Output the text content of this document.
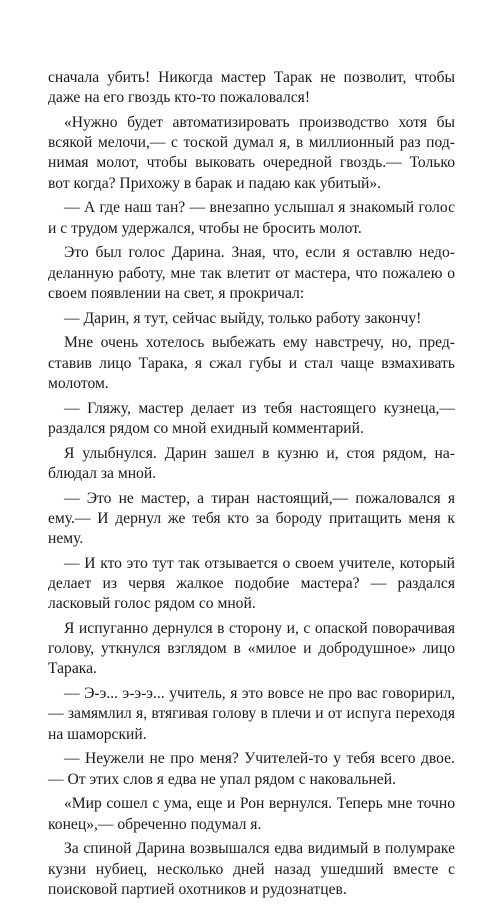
сначала убить! Никогда мастер Тарак не позволит, чтобы даже на его гвоздь кто-то пожаловался!

«Нужно будет автоматизировать производство хотя бы всякой мелочи,— с тоской думал я, в миллионный раз поднимая молот, чтобы выковать очередной гвоздь.— Только вот когда? Прихожу в барак и падаю как убитый».

— А где наш тан? — внезапно услышал я знакомый голос и с трудом удержался, чтобы не бросить молот.

Это был голос Дарина. Зная, что, если я оставлю недоделанную работу, мне так влетит от мастера, что пожалею о своем появлении на свет, я прокричал:

— Дарин, я тут, сейчас выйду, только работу закончу!

Мне очень хотелось выбежать ему навстречу, но, представив лицо Тарака, я сжал губы и стал чаще взмахивать молотом.

— Гляжу, мастер делает из тебя настоящего кузнеца,— раздался рядом со мной ехидный комментарий.

Я улыбнулся. Дарин зашел в кузню и, стоя рядом, наблюдал за мной.

— Это не мастер, а тиран настоящий,— пожаловался я ему.— И дернул же тебя кто за бороду притащить меня к нему.

— И кто это тут так отзывается о своем учителе, который делает из червя жалкое подобие мастера? — раздался ласковый голос рядом со мной.

Я испуганно дернулся в сторону и, с опаской поворачивая голову, уткнулся взглядом в «милое и добродушное» лицо Тарака.

— Э-э... э-э-э... учитель, я это вовсе не про вас говоририл,— замямлил я, втягивая голову в плечи и от испуга переходя на шаморский.

— Неужели не про меня? Учителей-то у тебя всего двое.— От этих слов я едва не упал рядом с наковальней.

«Мир сошел с ума, еще и Рон вернулся. Теперь мне точно конец»,— обреченно подумал я.

За спиной Дарина возвышался едва видимый в полумраке кузни нубиец, несколько дней назад ушедший вместе с поисковой партией охотников и рудознатцев.
